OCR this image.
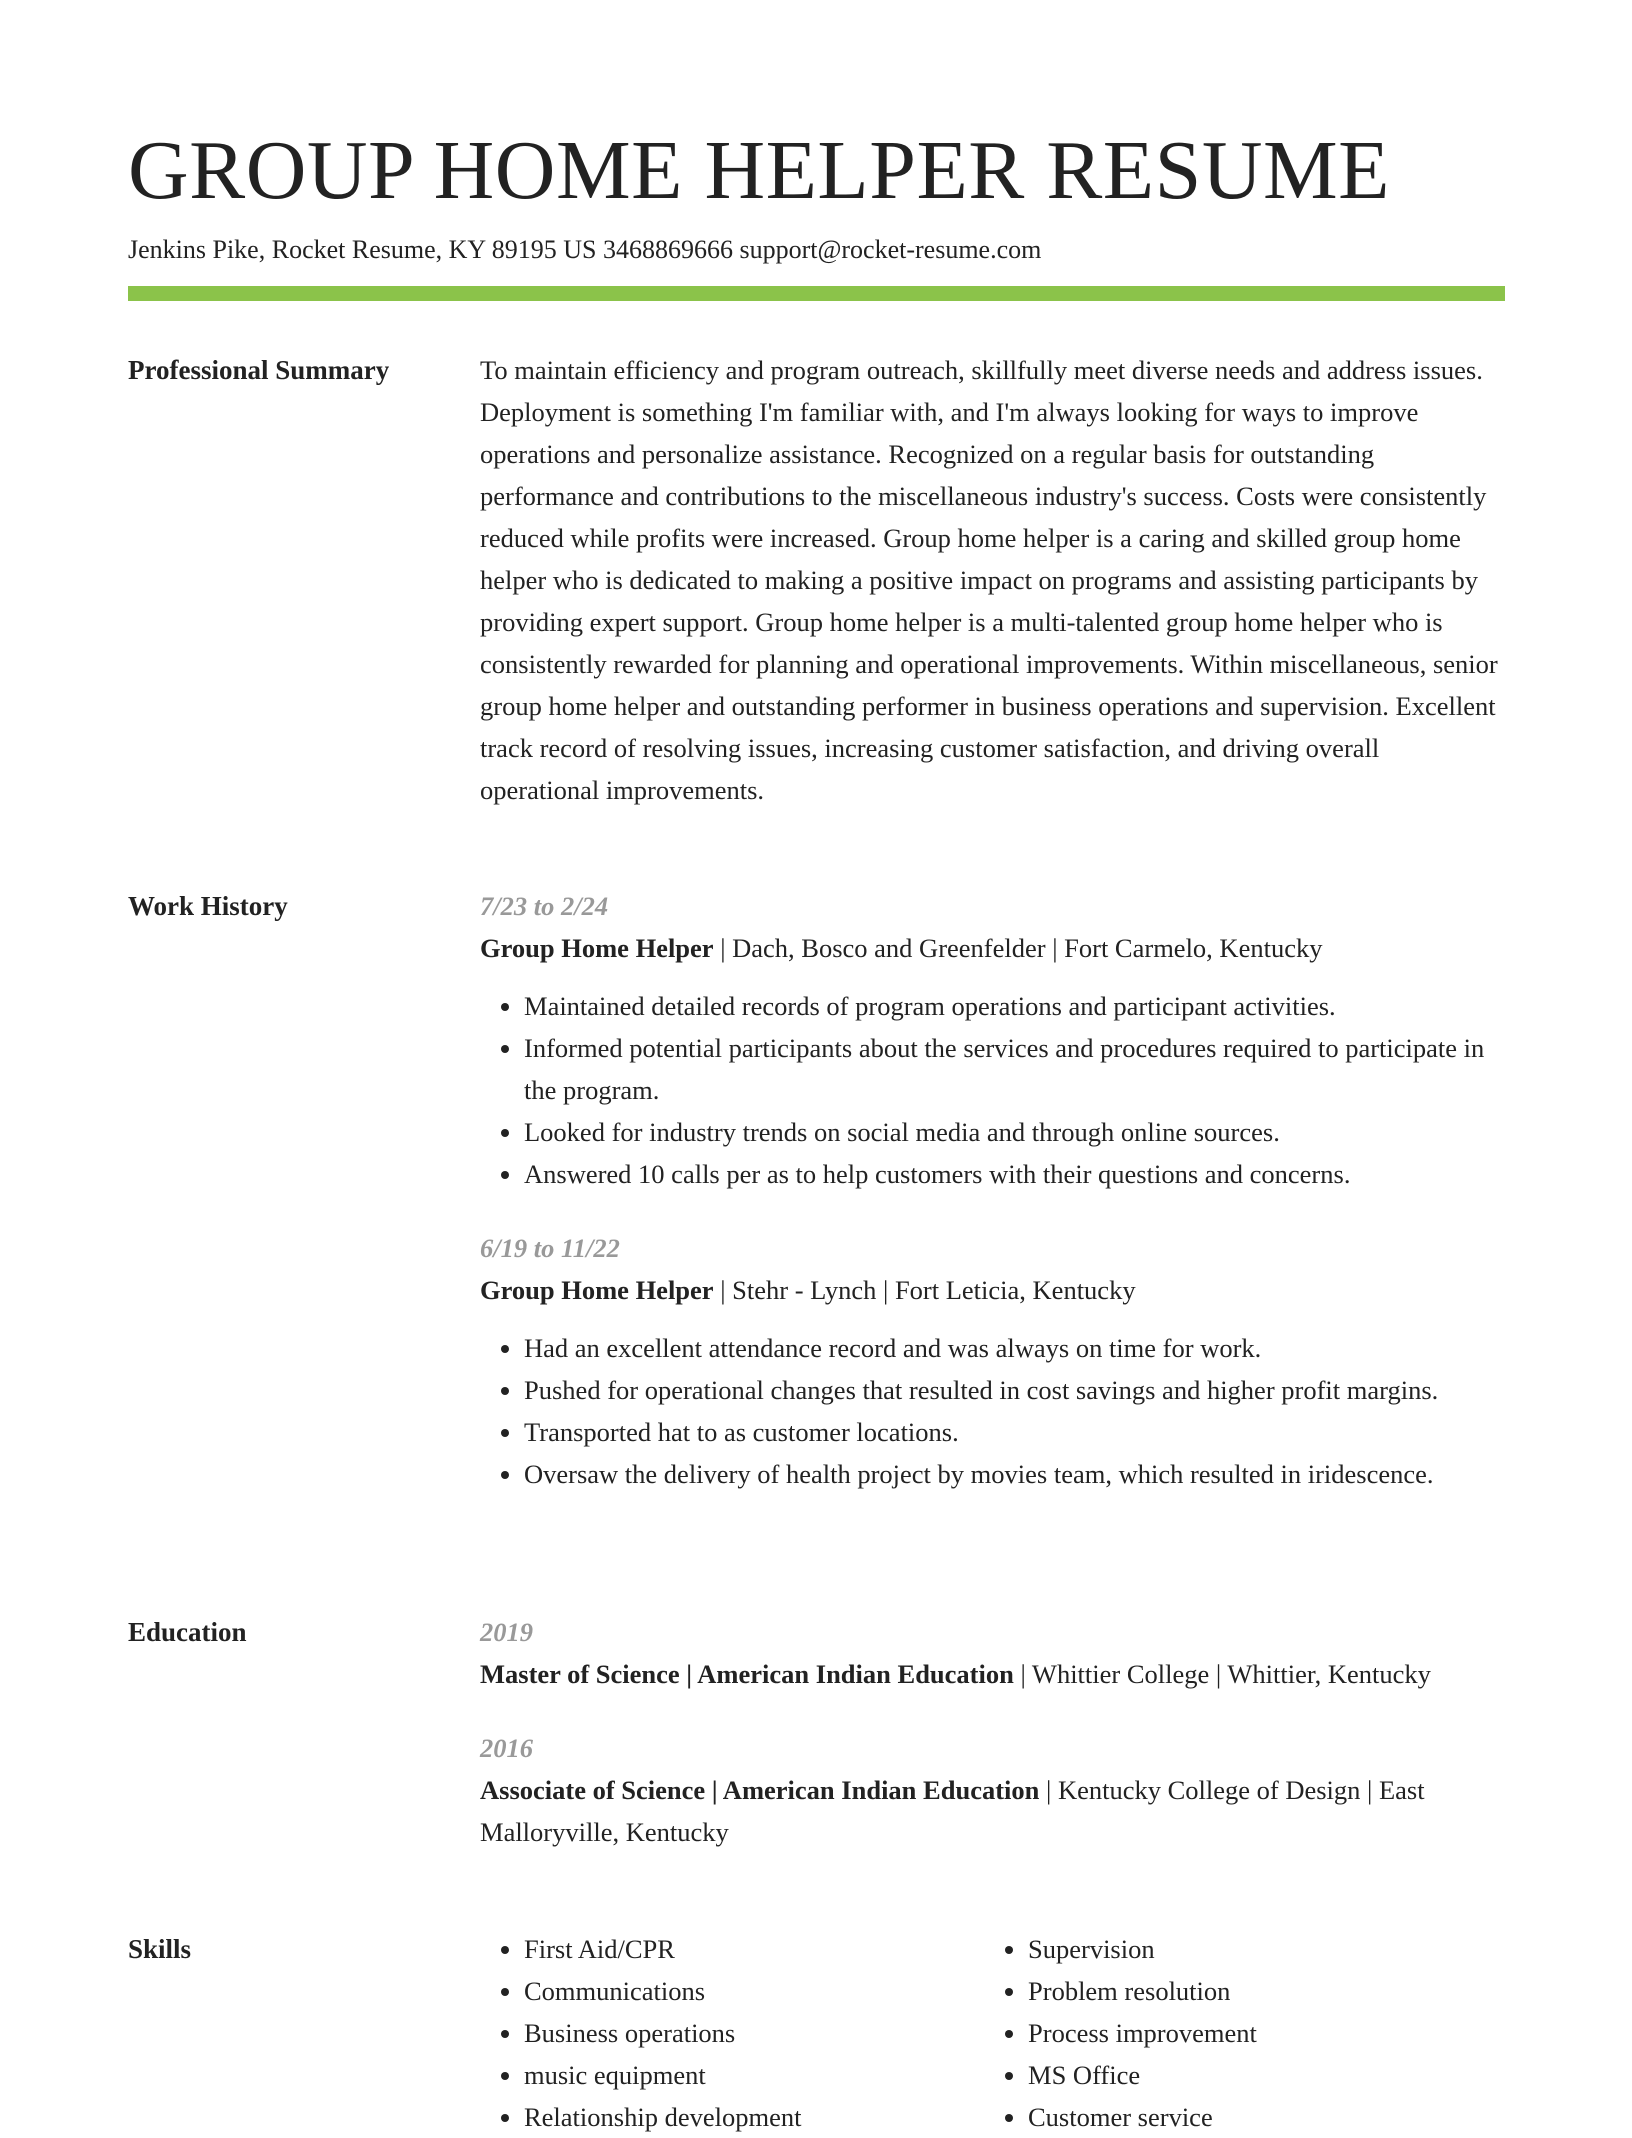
GROUP HOME HELPER RESUME
Jenkins Pike, Rocket Resume, KY 89195 US 3468869666 support@rocket-resume.com
Professional Summary	To maintain efficiency and program outreach, skillfully meet diverse needs and address issues. Deployment is something I'm familiar with, and I'm always looking for ways to improve operations and personalize assistance. Recognized on a regular basis for outstanding performance and contributions to the miscellaneous industry's success. Costs were consistently reduced while profits were increased. Group home helper is a caring and skilled group home helper who is dedicated to making a positive impact on programs and assisting participants by providing expert support. Group home helper is a multi-talented group home helper who is consistently rewarded for planning and operational improvements. Within miscellaneous, senior group home helper and outstanding performer in business operations and supervision. Excellent track record of resolving issues, increasing customer satisfaction, and driving overall operational improvements.

Work History	7/23 to 2/24
Group Home Helper | Dach, Bosco and Greenfelder | Fort Carmelo, Kentucky
• Maintained detailed records of program operations and participant activities.
• Informed potential participants about the services and procedures required to participate in the program.
• Looked for industry trends on social media and through online sources.
• Answered 10 calls per as to help customers with their questions and concerns.
6/19 to 11/22
Group Home Helper | Stehr - Lynch | Fort Leticia, Kentucky
• Had an excellent attendance record and was always on time for work.
• Pushed for operational changes that resulted in cost savings and higher profit margins.
• Transported hat to as customer locations.
• Oversaw the delivery of health project by movies team, which resulted in iridescence.
Education	2019
Master of Science | American Indian Education | Whittier College | Whittier, Kentucky
2016
Associate of Science | American Indian Education | Kentucky College of Design | East Malloryville, Kentucky
Skills
•	First Aid/CPR
• Communications
• Business operations
• music equipment
• Relationship development
• Supervision
• Problem resolution
• Process improvement
• MS Office
• Customer service
